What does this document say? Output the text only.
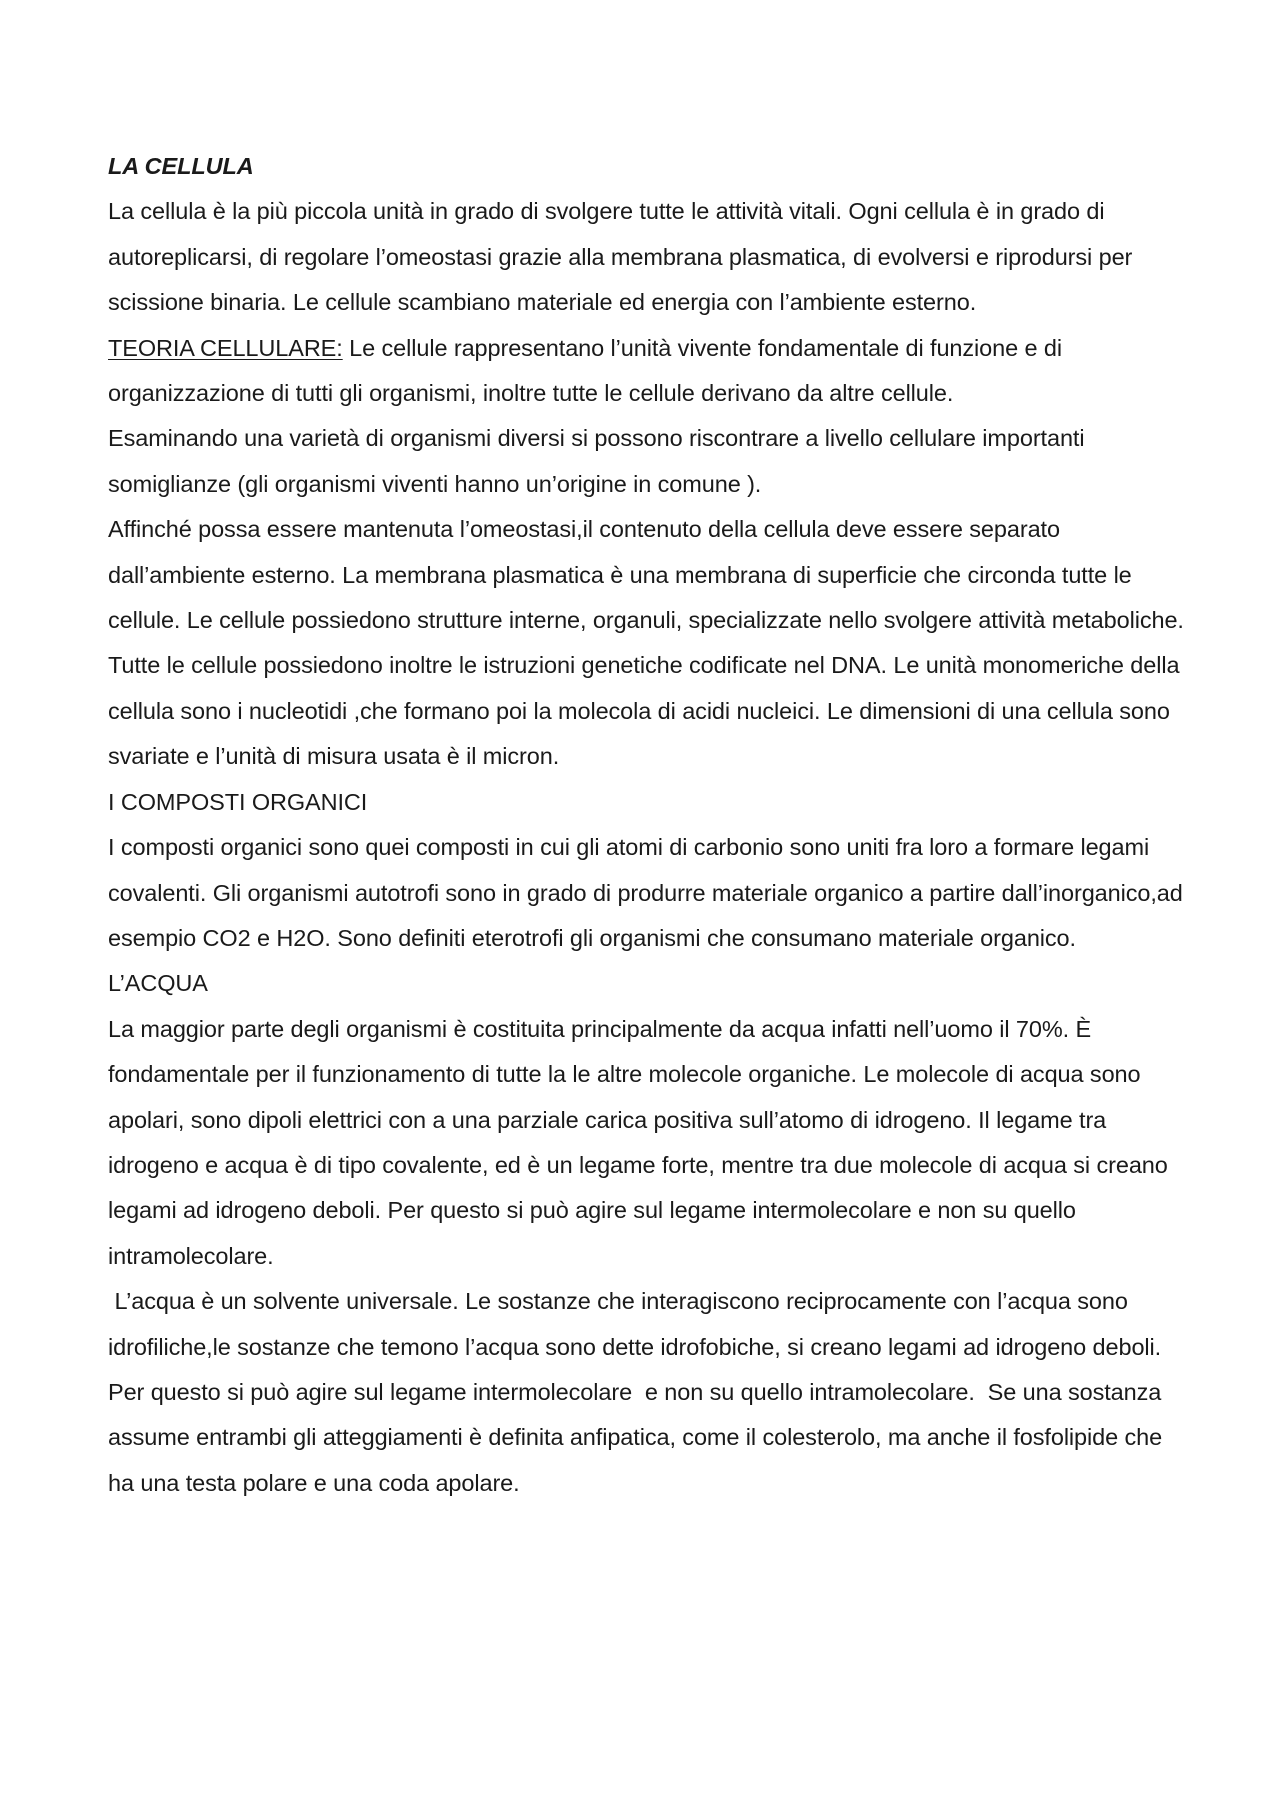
LA CELLULA

La cellula è la più piccola unità in grado di svolgere tutte le attività vitali. Ogni cellula è in grado di autoreplicarsi, di regolare l’omeostasi grazie alla membrana plasmatica, di evolversi e riprodursi per scissione binaria. Le cellule scambiano materiale ed energia con l’ambiente esterno.

TEORIA CELLULARE: Le cellule rappresentano l’unità vivente fondamentale di funzione e di organizzazione di tutti gli organismi, inoltre tutte le cellule derivano da altre cellule.

Esaminando una varietà di organismi diversi si possono riscontrare a livello cellulare importanti somiglianze (gli organismi viventi hanno un’origine in comune ).

Affinché possa essere mantenuta l’omeostasi,il contenuto della cellula deve essere separato dall’ambiente esterno. La membrana plasmatica è una membrana di superficie che circonda tutte le cellule. Le cellule possiedono strutture interne, organuli, specializzate nello svolgere attività metaboliche. Tutte le cellule possiedono inoltre le istruzioni genetiche codificate nel DNA. Le unità monomeriche della cellula sono i nucleotidi ,che formano poi la molecola di acidi nucleici. Le dimensioni di una cellula sono svariate e l’unità di misura usata è il micron.

I COMPOSTI ORGANICI

I composti organici sono quei composti in cui gli atomi di carbonio sono uniti fra loro a formare legami covalenti. Gli organismi autotrofi sono in grado di produrre materiale organico a partire dall’inorganico,ad esempio CO2 e H2O. Sono definiti eterotrofi gli organismi che consumano materiale organico.

L’ACQUA

La maggior parte degli organismi è costituita principalmente da acqua infatti nell’uomo il 70%. È fondamentale per il funzionamento di tutte la le altre molecole organiche. Le molecole di acqua sono apolari, sono dipoli elettrici con a una parziale carica positiva sull’atomo di idrogeno. Il legame tra idrogeno e acqua è di tipo covalente, ed è un legame forte, mentre tra due molecole di acqua si creano legami ad idrogeno deboli. Per questo si può agire sul legame intermolecolare e non su quello intramolecolare.

L’acqua è un solvente universale. Le sostanze che interagiscono reciprocamente con l’acqua sono idrofiliche,le sostanze che temono l’acqua sono dette idrofobiche, si creano legami ad idrogeno deboli. Per questo si può agire sul legame intermolecolare  e non su quello intramolecolare.  Se una sostanza assume entrambi gli atteggiamenti è definita anfipatica, come il colesterolo, ma anche il fosfolipide che ha una testa polare e una coda apolare.
